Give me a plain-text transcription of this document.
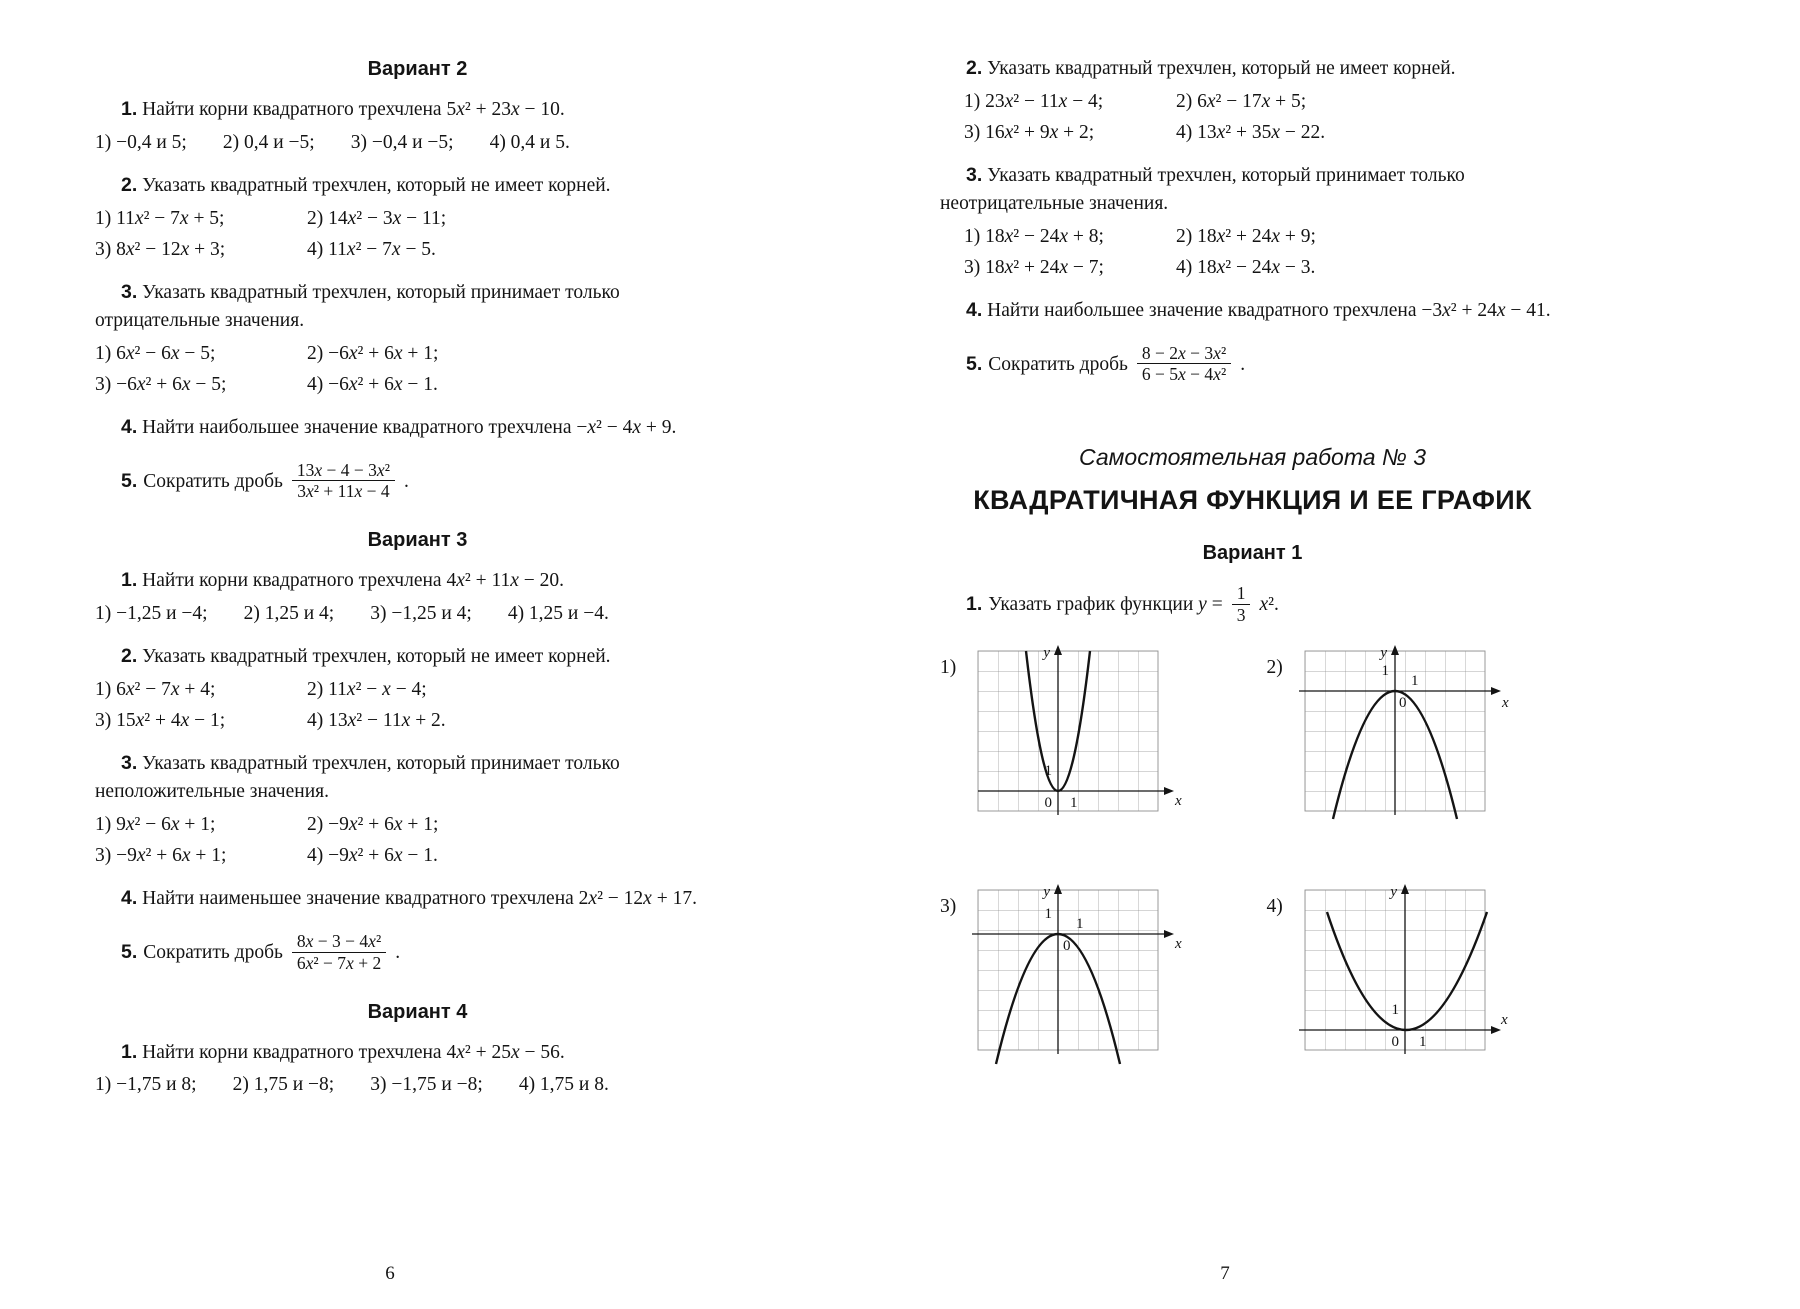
Вариант 2

1. Найти корни квадратного трехчлена 5x² + 23x − 10.

1) −0,4 и 5; 2) 0,4 и −5; 3) −0,4 и −5; 4) 0,4 и 5.

2. Указать квадратный трехчлен, который не имеет корней.

1) 11x² − 7x + 5;	2) 14x² − 3x − 11;
3) 8x² − 12x + 3;	4) 11x² − 7x − 5.

3. Указать квадратный трехчлен, который принимает только отрицательные значения.

1) 6x² − 6x − 5;	2) −6x² + 6x + 1;
3) −6x² + 6x − 5;	4) −6x² + 6x − 1.

4. Найти наибольшее значение квадратного трехчлена −x² − 4x + 9.

5. Сократить дробь $\frac{\text{13x − 4 − 3x²}}{\text{3x² + 11x − 4}}$ .

Вариант 3

1. Найти корни квадратного трехчлена 4x² + 11x − 20.

1) −1,25 и −4; 2) 1,25 и 4; 3) −1,25 и 4; 4) 1,25 и −4.

2. Указать квадратный трехчлен, который не имеет корней.

1) 6x² − 7x + 4;	2) 11x² − x − 4;
3) 15x² + 4x − 1;	4) 13x² − 11x + 2.

3. Указать квадратный трехчлен, который принимает только неположительные значения.

1) 9x² − 6x + 1;	2) −9x² + 6x + 1;
3) −9x² + 6x + 1;	4) −9x² + 6x − 1.

4. Найти наименьшее значение квадратного трехчлена 2x² − 12x + 17.

5. Сократить дробь $\frac{\text{8x − 3 − 4x²}}{\text{6x² − 7x + 2}}$ .

Вариант 4

1. Найти корни квадратного трехчлена 4x² + 25x − 56.

1) −1,75 и 8; 2) 1,75 и −8; 3) −1,75 и −8; 4) 1,75 и 8.
6

2. Указать квадратный трехчлен, который не имеет корней.

1) 23x² − 11x − 4;	2) 6x² − 17x + 5;
3) 16x² + 9x + 2;	4) 13x² + 35x − 22.

3. Указать квадратный трехчлен, который принимает только неотрицательные значения.

1) 18x² − 24x + 8;	2) 18x² + 24x + 9;
3) 18x² + 24x − 7;	4) 18x² − 24x − 3.

4. Найти наибольшее значение квадратного трехчлена −3x² + 24x − 41.

5. Сократить дробь $\frac{\text{8 − 2x − 3x²}}{\text{6 − 5x − 4x²}}$ .

Самостоятельная работа № 3
КВАДРАТИЧНАЯ ФУНКЦИЯ И ЕЕ ГРАФИК
Вариант 1

1. Указать график функции $y = \frac{1}{3} x^2$.

1)
y
x
0 1
1
2)
y
x
0
1
1
3)
y
x
0
1
1	4)
y
x
0 1
1
7
